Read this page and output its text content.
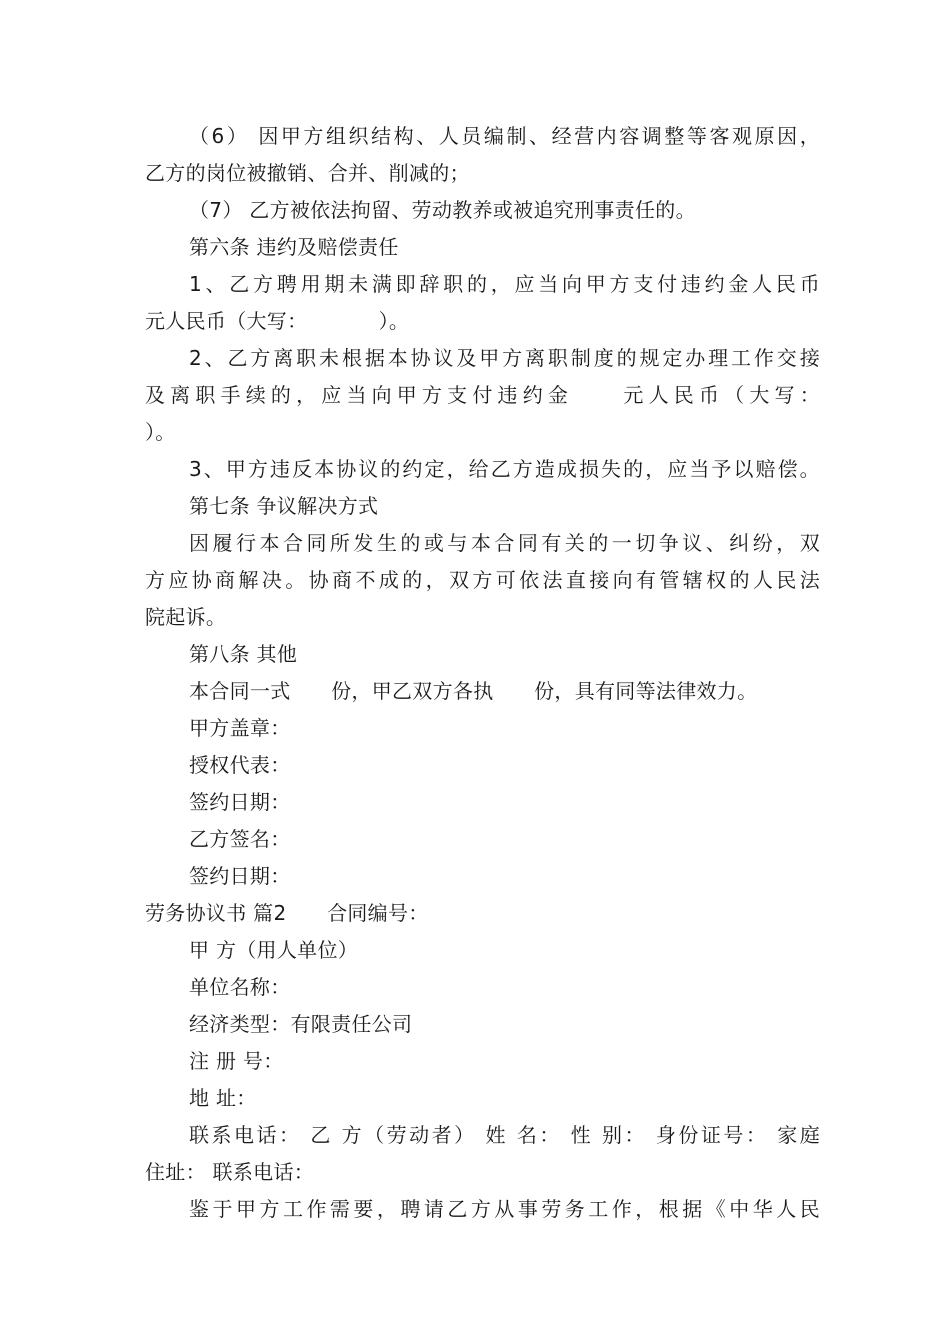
（6） 因甲方组织结构、人员编制、经营内容调整等客观原因，
乙方的岗位被撤销、合并、削减的；
（7） 乙方被依法拘留、劳动教养或被追究刑事责任的。
第六条 违约及赔偿责任
1、乙方聘用期未满即辞职的，应当向甲方支付违约金人民币
元人民币（大写：　　　　）。
2、乙方离职未根据本协议及甲方离职制度的规定办理工作交接
及离职手续的，应当向甲方支付违约金　　元人民币（大写：
）。
3、甲方违反本协议的约定，给乙方造成损失的，应当予以赔偿。
第七条 争议解决方式
因履行本合同所发生的或与本合同有关的一切争议、纠纷，双
方应协商解决。协商不成的，双方可依法直接向有管辖权的人民法
院起诉。
第八条 其他
本合同一式　　份，甲乙双方各执　　份，具有同等法律效力。
甲方盖章：
授权代表：
签约日期：
乙方签名：
签约日期：
劳务协议书 篇2　　合同编号：
甲 方（用人单位）
单位名称：
经济类型：有限责任公司
注 册 号：
地 址：
联系电话： 乙 方（劳动者） 姓 名： 性 别： 身份证号： 家庭
住址： 联系电话：
鉴于甲方工作需要，聘请乙方从事劳务工作，根据《中华人民
